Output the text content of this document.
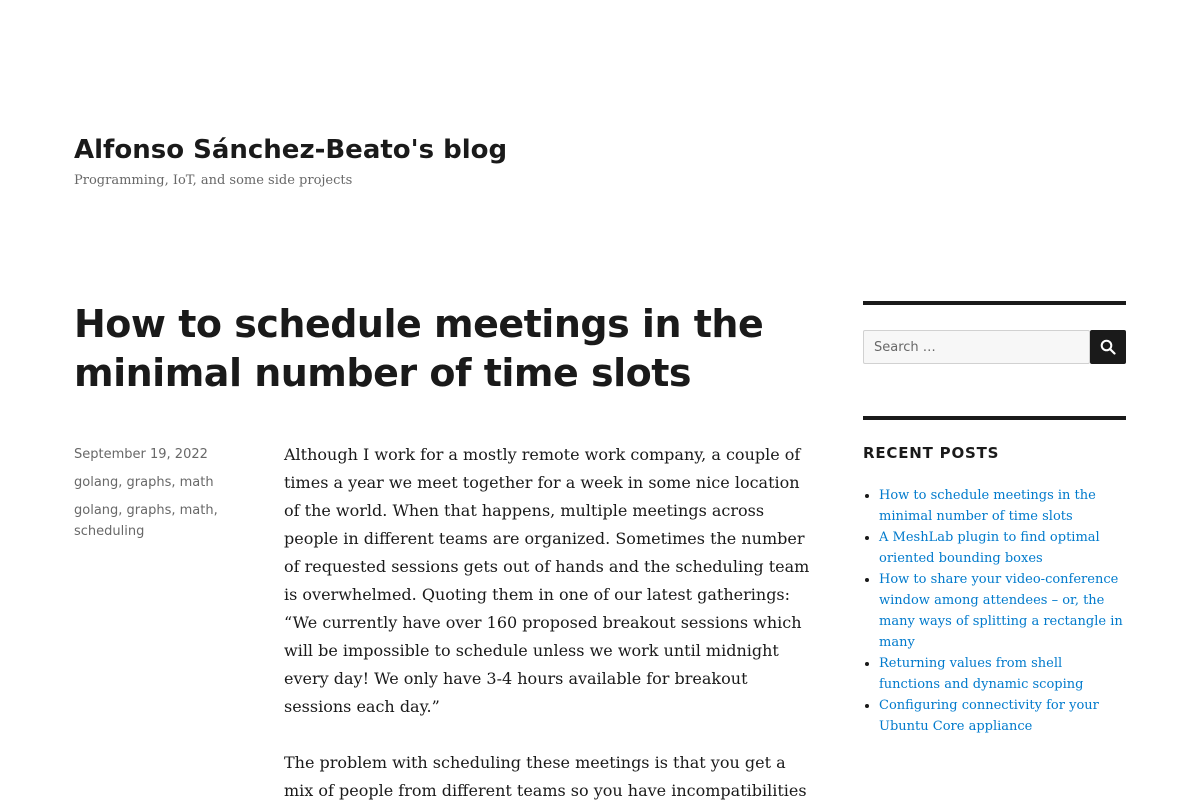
Alfonso Sánchez-Beato's blog

Programming, IoT, and some side projects

How to schedule meetings in the minimal number of time slots
September 19, 2022
golang, graphs, math
golang, graphs, math, scheduling

Although I work for a mostly remote work company, a couple of times a year we meet together for a week in some nice location of the world. When that happens, multiple meetings across people in different teams are organized. Sometimes the number of requested sessions gets out of hands and the scheduling team is overwhelmed. Quoting them in one of our latest gatherings: “We currently have over 160 proposed breakout sessions which will be impossible to schedule unless we work until midnight every day! We only have 3-4 hours available for breakout sessions each day.”

The problem with scheduling these meetings is that you get a mix of people from different teams so you have incompatibilities

Search …
RECENT POSTS
• How to schedule meetings in the minimal number of time slots
• A MeshLab plugin to find optimal oriented bounding boxes
• How to share your video-conference window among attendees – or, the many ways of splitting a rectangle in many
• Returning values from shell functions and dynamic scoping
• Configuring connectivity for your Ubuntu Core appliance
